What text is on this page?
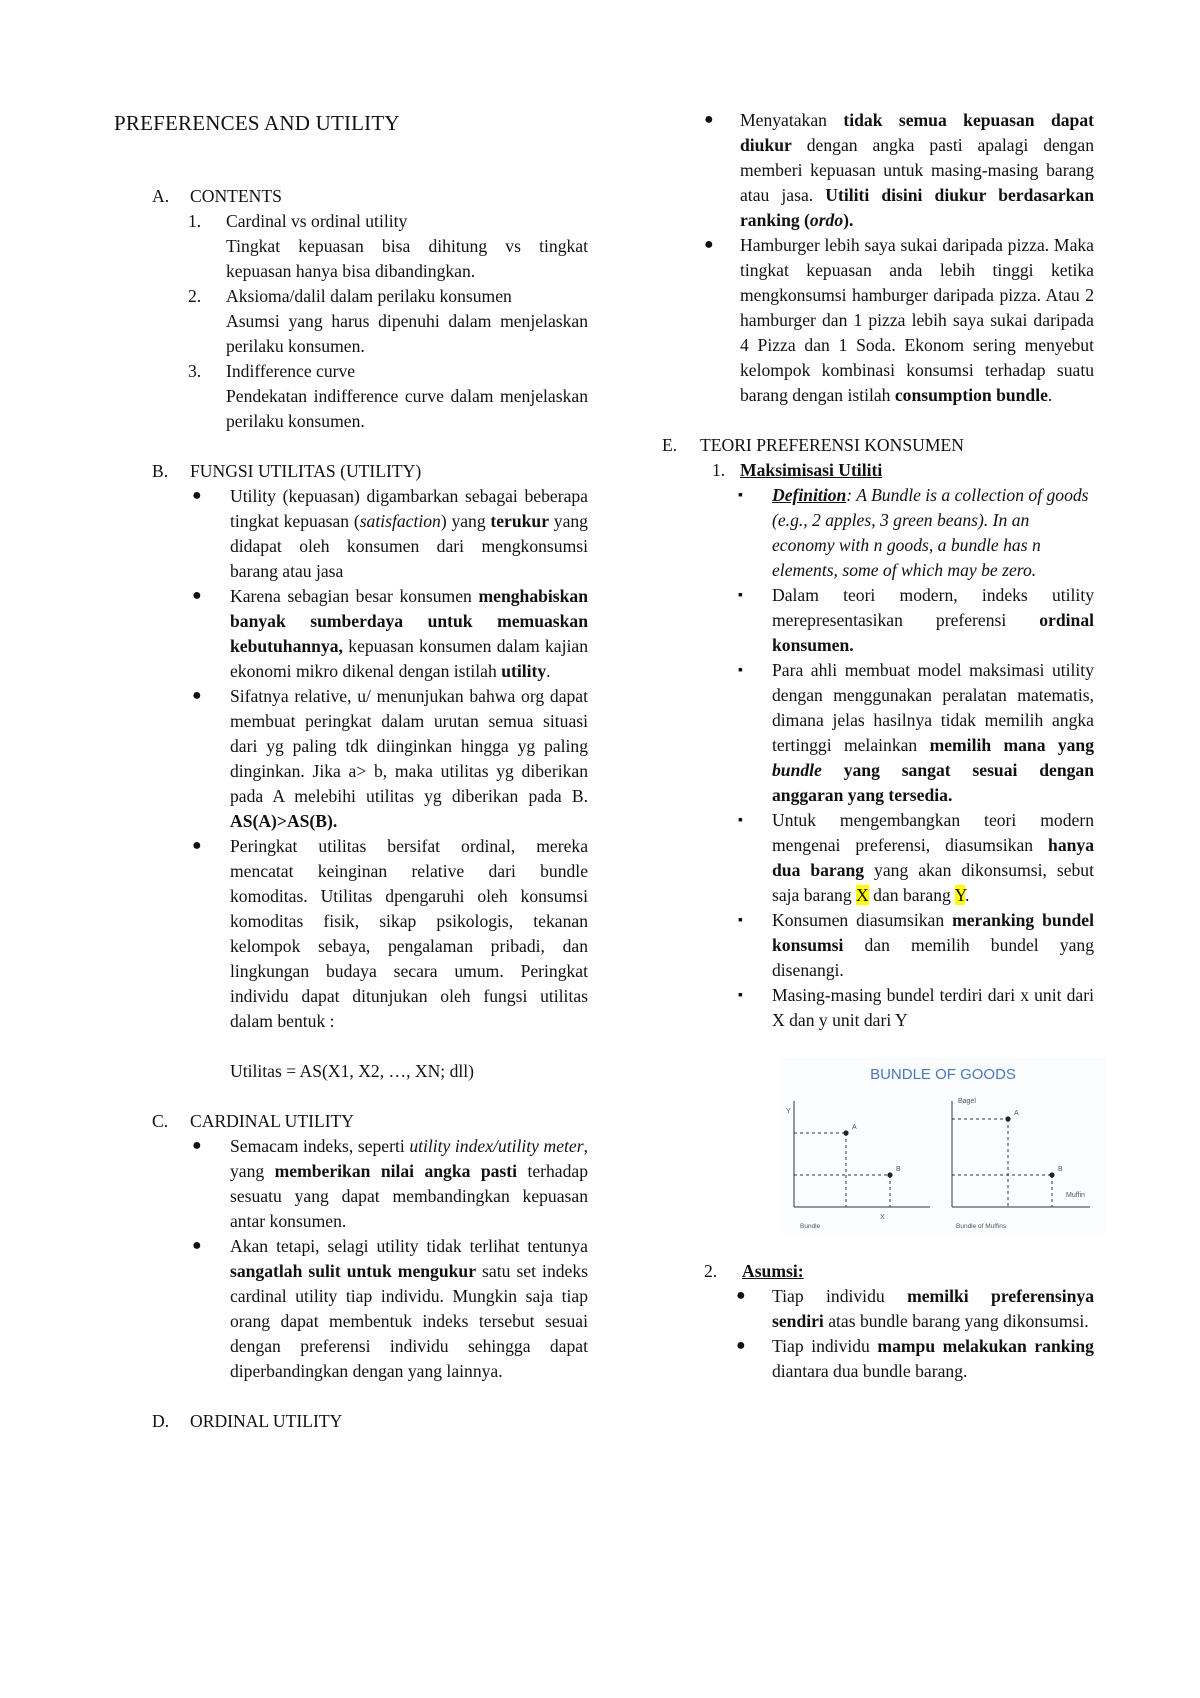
PREFERENCES AND UTILITY
A. CONTENTS
1. Cardinal vs ordinal utility
Tingkat kepuasan bisa dihitung vs tingkat kepuasan hanya bisa dibandingkan.
2. Aksioma/dalil dalam perilaku konsumen
Asumsi yang harus dipenuhi dalam menjelaskan perilaku konsumen.
3. Indifference curve
Pendekatan indifference curve dalam menjelaskan perilaku konsumen.
B. FUNGSI UTILITAS (UTILITY)
● Utility (kepuasan) digambarkan sebagai beberapa tingkat kepuasan (satisfaction) yang terukur yang didapat oleh konsumen dari mengkonsumsi barang atau jasa
● Karena sebagian besar konsumen menghabiskan banyak sumberdaya untuk memuaskan kebutuhannya, kepuasan konsumen dalam kajian ekonomi mikro dikenal dengan istilah utility.
● Sifatnya relative, u/ menunjukan bahwa org dapat membuat peringkat dalam urutan semua situasi dari yg paling tdk diinginkan hingga yg paling dinginkan. Jika a> b, maka utilitas yg diberikan pada A melebihi utilitas yg diberikan pada B. AS(A)>AS(B).
● Peringkat utilitas bersifat ordinal, mereka mencatat keinginan relative dari bundle komoditas. Utilitas dpengaruhi oleh konsumsi komoditas fisik, sikap psikologis, tekanan kelompok sebaya, pengalaman pribadi, dan lingkungan budaya secara umum. Peringkat individu dapat ditunjukan oleh fungsi utilitas dalam bentuk :
Utilitas = AS(X1, X2, …, XN; dll)
C. CARDINAL UTILITY
● Semacam indeks, seperti utility index/utility meter, yang memberikan nilai angka pasti terhadap sesuatu yang dapat membandingkan kepuasan antar konsumen.
● Akan tetapi, selagi utility tidak terlihat tentunya sangatlah sulit untuk mengukur satu set indeks cardinal utility tiap individu. Mungkin saja tiap orang dapat membentuk indeks tersebut sesuai dengan preferensi individu sehingga dapat diperbandingkan dengan yang lainnya.
D. ORDINAL UTILITY
● Menyatakan tidak semua kepuasan dapat diukur dengan angka pasti apalagi dengan memberi kepuasan untuk masing-masing barang atau jasa. Utiliti disini diukur berdasarkan ranking (ordo).
● Hamburger lebih saya sukai daripada pizza. Maka tingkat kepuasan anda lebih tinggi ketika mengkonsumsi hamburger daripada pizza. Atau 2 hamburger dan 1 pizza lebih saya sukai daripada 4 Pizza dan 1 Soda. Ekonom sering menyebut kelompok kombinasi konsumsi terhadap suatu barang dengan istilah consumption bundle.
E. TEORI PREFERENSI KONSUMEN
1. Maksimisasi Utiliti
▪ Definition: A Bundle is a collection of goods (e.g., 2 apples, 3 green beans). In an economy with n goods, a bundle has n elements, some of which may be zero.
▪ Dalam teori modern, indeks utility merepresentasikan preferensi ordinal konsumen.
▪ Para ahli membuat model maksimasi utility dengan menggunakan peralatan matematis, dimana jelas hasilnya tidak memilih angka tertinggi melainkan memilih mana yang bundle yang sangat sesuai dengan anggaran yang tersedia.
▪ Untuk mengembangkan teori modern mengenai preferensi, diasumsikan hanya dua barang yang akan dikonsumsi, sebut saja barang X dan barang Y.
▪ Konsumen diasumsikan meranking bundel konsumsi dan memilih bundel yang disenangi.
▪ Masing-masing bundel terdiri dari x unit dari X dan y unit dari Y
BUNDLE OF GOODS
Y
X
A
B
Bundle
Bagel
Muffin
A
B
Bundle of Muffins
2. Asumsi:
● Tiap individu memilki preferensinya sendiri atas bundle barang yang dikonsumsi.
● Tiap individu mampu melakukan ranking diantara dua bundle barang.
